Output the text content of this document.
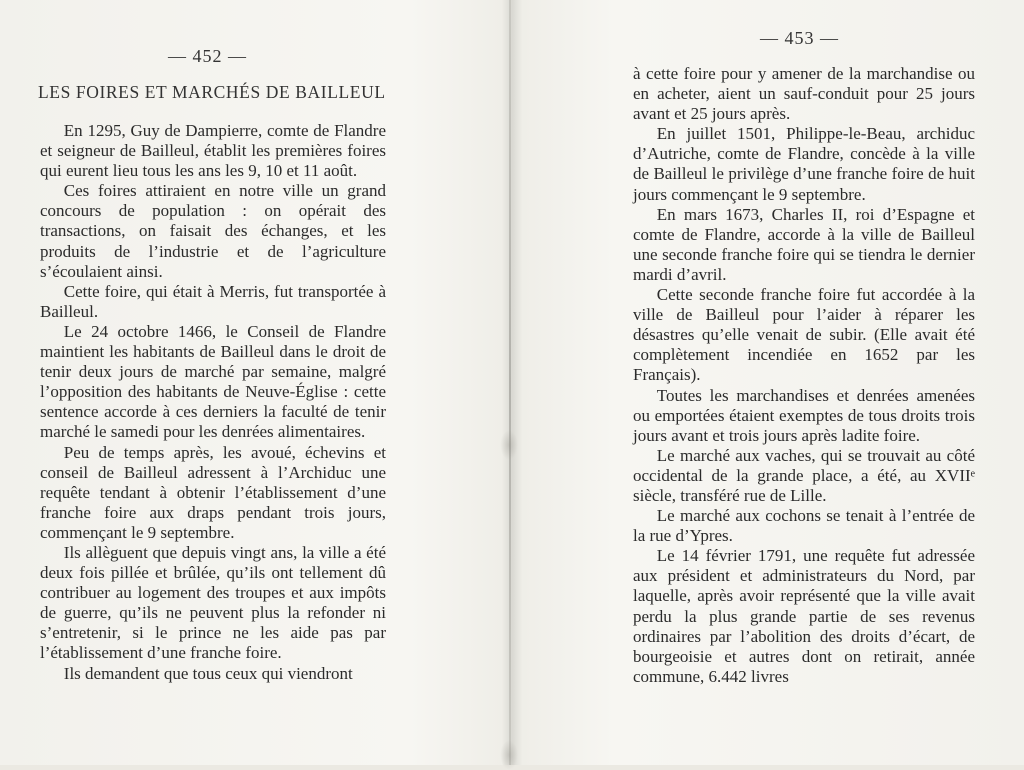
— 452 —
LES FOIRES ET MARCHÉS DE BAILLEUL

En 1295, Guy de Dampierre, comte de Flandre et seigneur de Bailleul, établit les premières foires qui eurent lieu tous les ans les 9, 10 et 11 août.

Ces foires attiraient en notre ville un grand concours de population : on opérait des transactions, on faisait des échanges, et les produits de l’industrie et de l’agriculture s’écoulaient ainsi.

Cette foire, qui était à Merris, fut transportée à Bailleul.

Le 24 octobre 1466, le Conseil de Flandre maintient les habitants de Bailleul dans le droit de tenir deux jours de marché par semaine, malgré l’opposition des habitants de Neuve-Église : cette sentence accorde à ces derniers la faculté de tenir marché le samedi pour les denrées alimentaires.

Peu de temps après, les avoué, échevins et conseil de Bailleul adressent à l’Archiduc une requête tendant à obtenir l’établissement d’une franche foire aux draps pendant trois jours, commençant le 9 septembre.

Ils allèguent que depuis vingt ans, la ville a été deux fois pillée et brûlée, qu’ils ont tellement dû contribuer au logement des troupes et aux impôts de guerre, qu’ils ne peuvent plus la refonder ni s’entretenir, si le prince ne les aide pas par l’établissement d’une franche foire.

Ils demandent que tous ceux qui viendront

— 453 —

à cette foire pour y amener de la marchandise ou en acheter, aient un sauf-conduit pour 25 jours avant et 25 jours après.

En juillet 1501, Philippe-le-Beau, archiduc d’Autriche, comte de Flandre, concède à la ville de Bailleul le privilège d’une franche foire de huit jours commençant le 9 septembre.

En mars 1673, Charles II, roi d’Espagne et comte de Flandre, accorde à la ville de Bailleul une seconde franche foire qui se tiendra le dernier mardi d’avril.

Cette seconde franche foire fut accordée à la ville de Bailleul pour l’aider à réparer les désastres qu’elle venait de subir. (Elle avait été complètement incendiée en 1652 par les Français).

Toutes les marchandises et denrées amenées ou emportées étaient exemptes de tous droits trois jours avant et trois jours après ladite foire.

Le marché aux vaches, qui se trouvait au côté occidental de la grande place, a été, au XVIIᵉ siècle, transféré rue de Lille.

Le marché aux cochons se tenait à l’entrée de la rue d’Ypres.

Le 14 février 1791, une requête fut adressée aux président et administrateurs du Nord, par laquelle, après avoir représenté que la ville avait perdu la plus grande partie de ses revenus ordinaires par l’abolition des droits d’écart, de bourgeoisie et autres dont on retirait, année commune, 6.442 livres
